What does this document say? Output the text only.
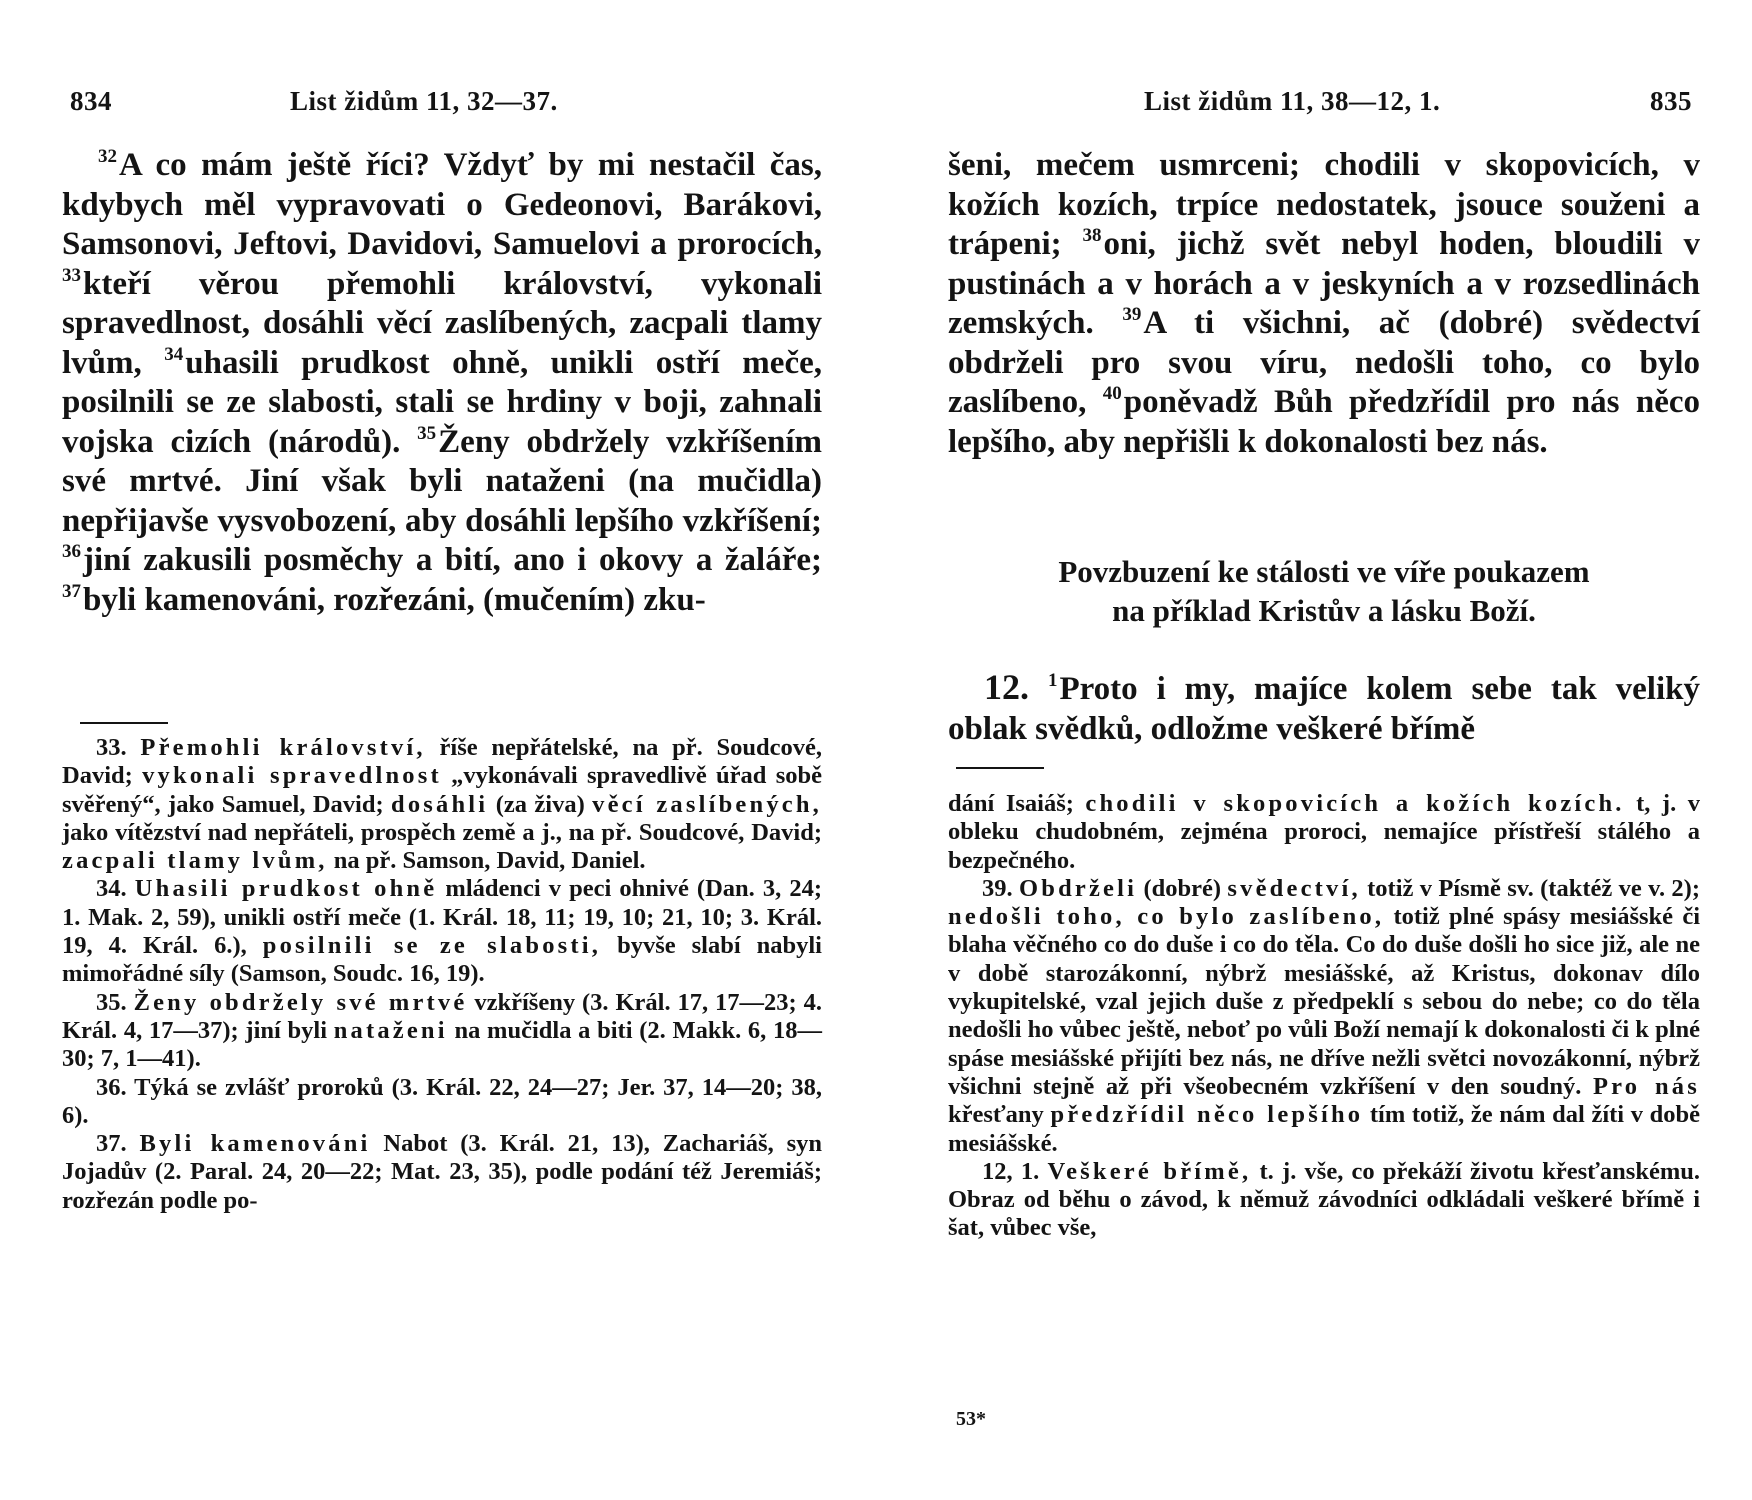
834	List židům 11, 32—37.

$^{32}$A co mám ještě říci? Vždyť by mi nestačil čas, kdybych měl vypravovati o Gedeonovi, Barákovi, Samsonovi, Jeftovi, Davidovi, Samuelovi a prorocích, $^{33}$kteří věrou přemohli království, vykonali spravedlnost, dosáhli věcí zaslíbených, zacpali tlamy lvům, $^{34}$uhasili prudkost ohně, unikli ostří meče, posilnili se ze slabosti, stali se hrdiny v boji, zahnali vojska cizích (národů). $^{35}$Ženy obdržely vzkříšením své mrtvé. Jiní však byli nataženi (na mučidla) nepřijavše vysvobození, aby dosáhli lepšího vzkříšení; $^{36}$jiní zakusili posměchy a bití, ano i okovy a žaláře; $^{37}$byli kamenováni, rozřezáni, (mučením) zku-

33. Přemohli království, říše nepřátelské, na př. Soudcové, David; vykonali spravedlnost „vykonávali spravedlivě úřad sobě svěřený“, jako Samuel, David; dosáhli (za živa) věcí zaslíbených, jako vítězství nad nepřáteli, prospěch země a j., na př. Soudcové, David; zacpali tlamy lvům, na př. Samson, David, Daniel.

34. Uhasili prudkost ohně mládenci v peci ohnivé (Dan. 3, 24; 1. Mak. 2, 59), unikli ostří meče (1. Král. 18, 11; 19, 10; 21, 10; 3. Král. 19, 4. Král. 6.), posilnili se ze slabosti, byvše slabí nabyli mimořádné síly (Samson, Soudc. 16, 19).

35. Ženy obdržely své mrtvé vzkříšeny (3. Král. 17, 17—23; 4. Král. 4, 17—37); jiní byli nataženi na mučidla a biti (2. Makk. 6, 18—30; 7, 1—41).

36. Týká se zvlášť proroků (3. Král. 22, 24—27; Jer. 37, 14—20; 38, 6).

37. Byli kamenováni Nabot (3. Král. 21, 13), Zachariáš, syn Jojadův (2. Paral. 24, 20—22; Mat. 23, 35), podle podání též Jeremiáš; rozřezán podle po-

List židům 11, 38—12, 1.	835

šeni, mečem usmrceni; chodili v skopovicích, v kožích kozích, trpíce nedostatek, jsouce souženi a trápeni; $^{38}$oni, jichž svět nebyl hoden, bloudili v pustinách a v horách a v jeskyních a v rozsedlinách zemských. $^{39}$A ti všichni, ač (dobré) svědectví obdrželi pro svou víru, nedošli toho, co bylo zaslíbeno, $^{40}$poněvadž Bůh předzřídil pro nás něco lepšího, aby nepřišli k dokonalosti bez nás.

Povzbuzení ke stálosti ve víře poukazem
na příklad Kristův a lásku Boží.

12. $^1$Proto i my, majíce kolem sebe tak veliký oblak svědků, odložme veškeré břímě

dání Isaiáš; chodili v skopovicích a kožích kozích. t, j. v obleku chudobném, zejména proroci, nemajíce přístřeší stálého a bezpečného.

39. Obdrželi (dobré) svědectví, totiž v Písmě sv. (taktéž ve v. 2); nedošli toho, co bylo zaslíbeno, totiž plné spásy mesiášské či blaha věčného co do duše i co do těla. Co do duše došli ho sice již, ale ne v době starozákonní, nýbrž mesiášské, až Kristus, dokonav dílo vykupitelské, vzal jejich duše z předpeklí s sebou do nebe; co do těla nedošli ho vůbec ještě, neboť po vůli Boží nemají k dokonalosti či k plné spáse mesiášské přijíti bez nás, ne dříve nežli světci novozákonní, nýbrž všichni stejně až při všeobecném vzkříšení v den soudný. Pro nás křesťany předzřídil něco lepšího tím totiž, že nám dal žíti v době mesiášské.

12, 1. Veškeré břímě, t. j. vše, co překáží životu křesťanskému. Obraz od běhu o závod, k němuž závodníci odkládali veškeré břímě i šat, vůbec vše,

53*
